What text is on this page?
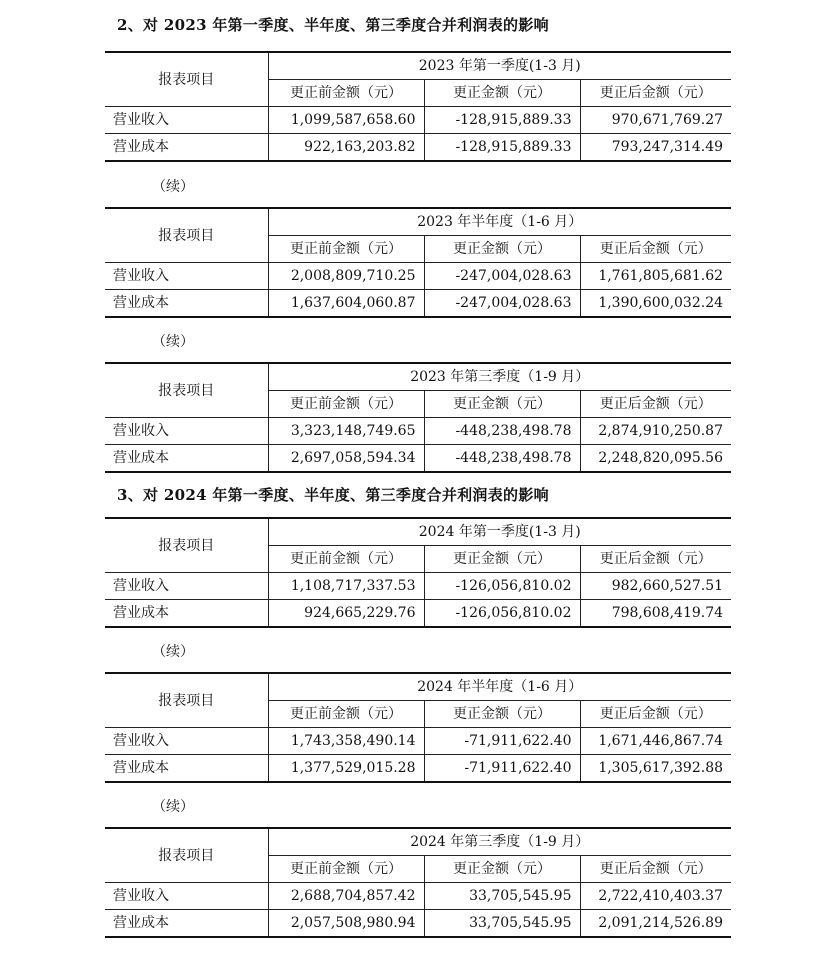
2、对 2023 年第一季度、半年度、第三季度合并利润表的影响
报表项目	2023 年第一季度(1-3 月)		
	更正前金额（元）	更正金额（元）	更正后金额（元）
营业收入	1,099,587,658.60	-128,915,889.33	970,671,769.27
营业成本	922,163,203.82	-128,915,889.33	793,247,314.49
（续）
报表项目	2023 年半年度（1-6 月）		
	更正前金额（元）	更正金额（元）	更正后金额（元）
营业收入	2,008,809,710.25	-247,004,028.63	1,761,805,681.62
营业成本	1,637,604,060.87	-247,004,028.63	1,390,600,032.24
（续）
报表项目	2023 年第三季度（1-9 月）		
	更正前金额（元）	更正金额（元）	更正后金额（元）
营业收入	3,323,148,749.65	-448,238,498.78	2,874,910,250.87
营业成本	2,697,058,594.34	-448,238,498.78	2,248,820,095.56
3、对 2024 年第一季度、半年度、第三季度合并利润表的影响
报表项目	2024 年第一季度(1-3 月)		
	更正前金额（元）	更正金额（元）	更正后金额（元）
营业收入	1,108,717,337.53	-126,056,810.02	982,660,527.51
营业成本	924,665,229.76	-126,056,810.02	798,608,419.74
（续）
报表项目	2024 年半年度（1-6 月）		
	更正前金额（元）	更正金额（元）	更正后金额（元）
营业收入	1,743,358,490.14	-71,911,622.40	1,671,446,867.74
营业成本	1,377,529,015.28	-71,911,622.40	1,305,617,392.88
（续）
报表项目	2024 年第三季度（1-9 月）		
	更正前金额（元）	更正金额（元）	更正后金额（元）
营业收入	2,688,704,857.42	33,705,545.95	2,722,410,403.37
营业成本	2,057,508,980.94	33,705,545.95	2,091,214,526.89
